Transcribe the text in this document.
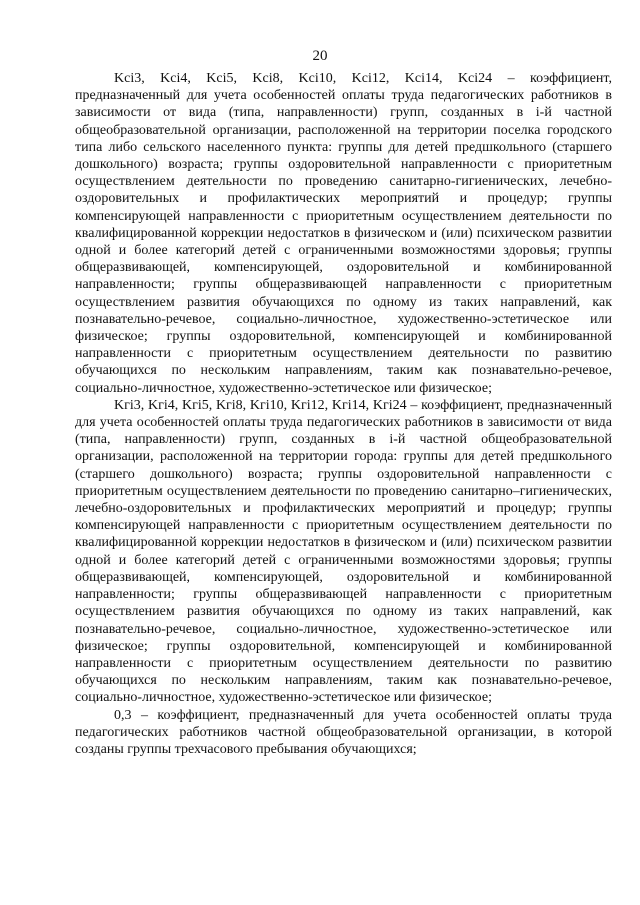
20

Kci3, Kci4, Kci5, Kci8, Kci10, Kci12, Kci14, Kci24 – коэффициент, предназначенный для учета особенностей оплаты труда педагогических работников в зависимости от вида (типа, направленности) групп, созданных в i-й частной общеобразовательной организации, расположенной на территории поселка городского типа либо сельского населенного пункта: группы для детей предшкольного (старшего дошкольного) возраста; группы оздоровительной направленности с приоритетным осуществлением деятельности по проведению санитарно-гигиенических, лечебно-оздоровительных и профилактических мероприятий и процедур; группы компенсирующей направленности с приоритетным осуществлением деятельности по квалифицированной коррекции недостатков в физическом и (или) психическом развитии одной и более категорий детей с ограниченными возможностями здоровья; группы общеразвивающей, компенсирующей, оздоровительной и комбинированной направленности; группы общеразвивающей направленности с приоритетным осуществлением развития обучающихся по одному из таких направлений, как познавательно-речевое, социально-личностное, художественно-эстетическое или физическое; группы оздоровительной, компенсирующей и комбинированной направленности с приоритетным осуществлением деятельности по развитию обучающихся по нескольким направлениям, таким как познавательно-речевое, социально-личностное, художественно-эстетическое или физическое;

Kгi3, Kгi4, Kгi5, Kгi8, Kгi10, Kгi12, Kгi14, Kгi24 – коэффициент, предназначенный для учета особенностей оплаты труда педагогических работников в зависимости от вида (типа, направленности) групп, созданных в i-й частной общеобразовательной организации, расположенной на территории города: группы для детей предшкольного (старшего дошкольного) возраста; группы оздоровительной направленности с приоритетным осуществлением деятельности по проведению санитарно–гигиенических, лечебно-оздоровительных и профилактических мероприятий и процедур; группы компенсирующей направленности с приоритетным осуществлением деятельности по квалифицированной коррекции недостатков в физическом и (или) психическом развитии одной и более категорий детей с ограниченными возможностями здоровья; группы общеразвивающей, компенсирующей, оздоровительной и комбинированной направленности; группы общеразвивающей направленности с приоритетным осуществлением развития обучающихся по одному из таких направлений, как познавательно-речевое, социально-личностное, художественно-эстетическое или физическое; группы оздоровительной, компенсирующей и комбинированной направленности с приоритетным осуществлением деятельности по развитию обучающихся по нескольким направлениям, таким как познавательно-речевое, социально-личностное, художественно-эстетическое или физическое;

0,3 – коэффициент, предназначенный для учета особенностей оплаты труда педагогических работников частной общеобразовательной организации, в которой созданы группы трехчасового пребывания обучающихся;
